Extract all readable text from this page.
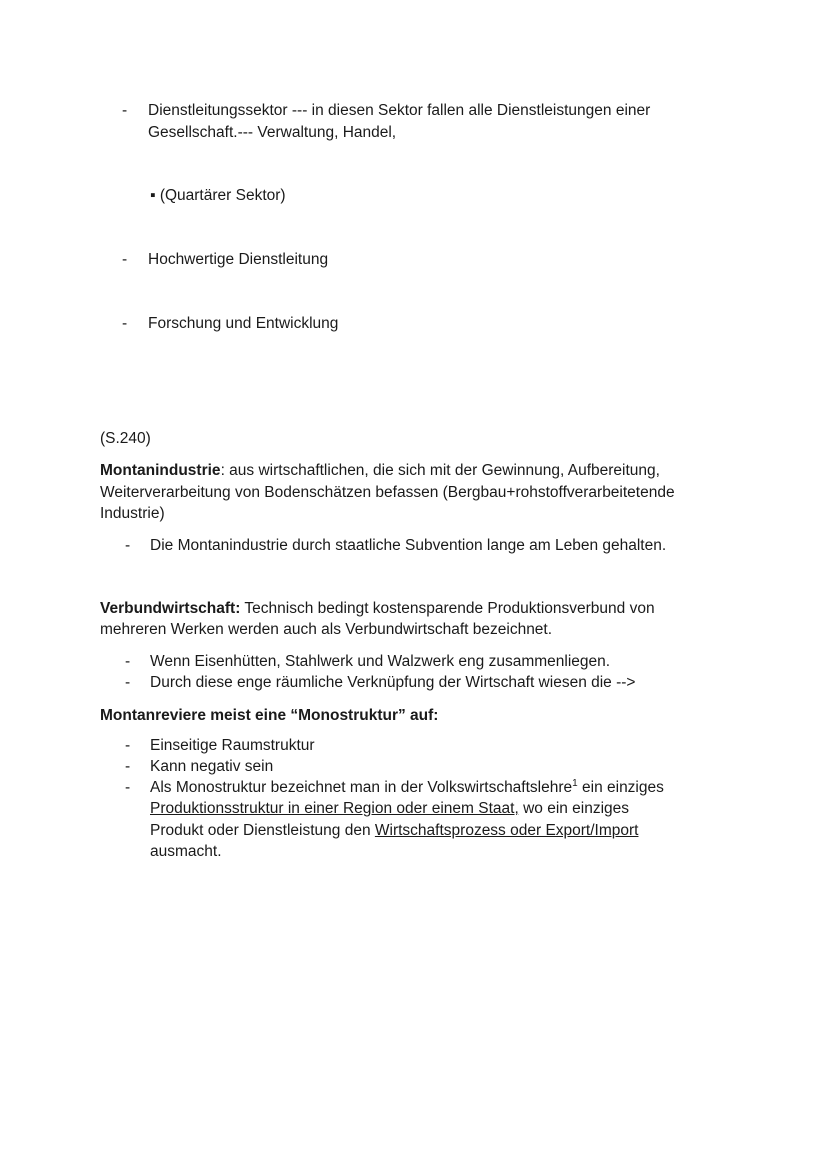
- Dienstleitungssektor --- in diesen Sektor fallen alle Dienstleistungen einer
Gesellschaft.--- Verwaltung, Handel,
▪ (Quartärer Sektor)
- Hochwertige Dienstleitung
- Forschung und Entwicklung
(S.240)
Montanindustrie: aus wirtschaftlichen, die sich mit der Gewinnung, Aufbereitung,
Weiterverarbeitung von Bodenschätzen befassen (Bergbau+rohstoffverarbeitetende
Industrie)
- Die Montanindustrie durch staatliche Subvention lange am Leben gehalten.
Verbundwirtschaft: Technisch bedingt kostensparende Produktionsverbund von
mehreren Werken werden auch als Verbundwirtschaft bezeichnet.
- Wenn Eisenhütten, Stahlwerk und Walzwerk eng zusammenliegen.
- Durch diese enge räumliche Verknüpfung der Wirtschaft wiesen die -->
Montanreviere meist eine “Monostruktur” auf:
- Einseitige Raumstruktur
- Kann negativ sein
- Als Monostruktur bezeichnet man in der Volkswirtschaftslehre$^1$ ein einziges
Produktionsstruktur in einer Region oder einem Staat, wo ein einziges
Produkt oder Dienstleistung den Wirtschaftsprozess oder Export/Import
ausmacht.
